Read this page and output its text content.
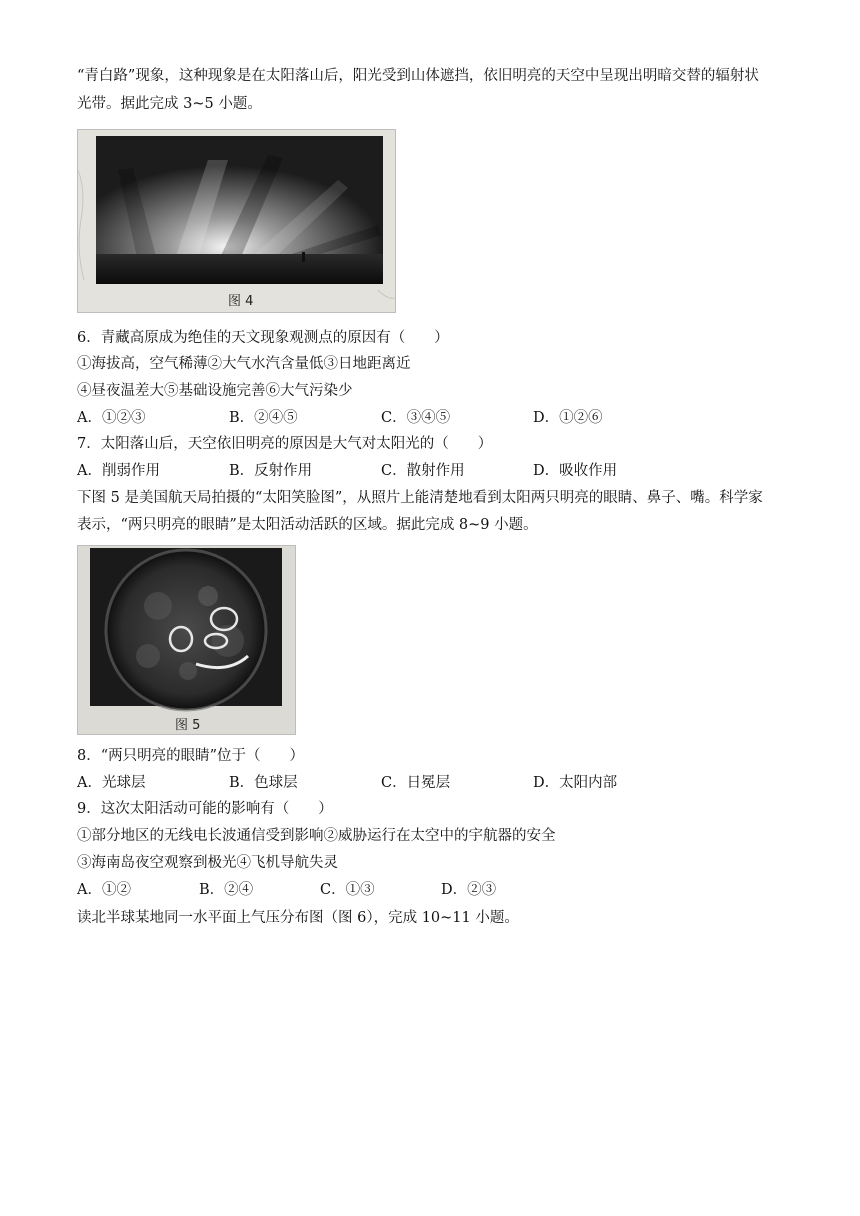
“青白路”现象，这种现象是在太阳落山后，阳光受到山体遮挡，依旧明亮的天空中呈现出明暗交替的辐射状
光带。据此完成 3~5 小题。
图 4
6．青藏高原成为绝佳的天文现象观测点的原因有（　　）
①海拔高，空气稀薄②大气水汽含量低③日地距离近
④昼夜温差大⑤基础设施完善⑥大气污染少
A．①②③	B．②④⑤	C．③④⑤	D．①②⑥
7．太阳落山后，天空依旧明亮的原因是大气对太阳光的（　　）
A．削弱作用	B．反射作用	C．散射作用	D．吸收作用
下图 5 是美国航天局拍摄的“太阳笑脸图”，从照片上能清楚地看到太阳两只明亮的眼睛、鼻子、嘴。科学家
表示，“两只明亮的眼睛”是太阳活动活跃的区域。据此完成 8~9 小题。
图 5
8．“两只明亮的眼睛”位于（　　）
A．光球层	B．色球层	C．日冕层	D．太阳内部
9．这次太阳活动可能的影响有（　　）
①部分地区的无线电长波通信受到影响②威胁运行在太空中的宇航器的安全
③海南岛夜空观察到极光④飞机导航失灵
A．①②	B．②④	C．①③	D．②③
读北半球某地同一水平面上气压分布图（图 6），完成 10~11 小题。
